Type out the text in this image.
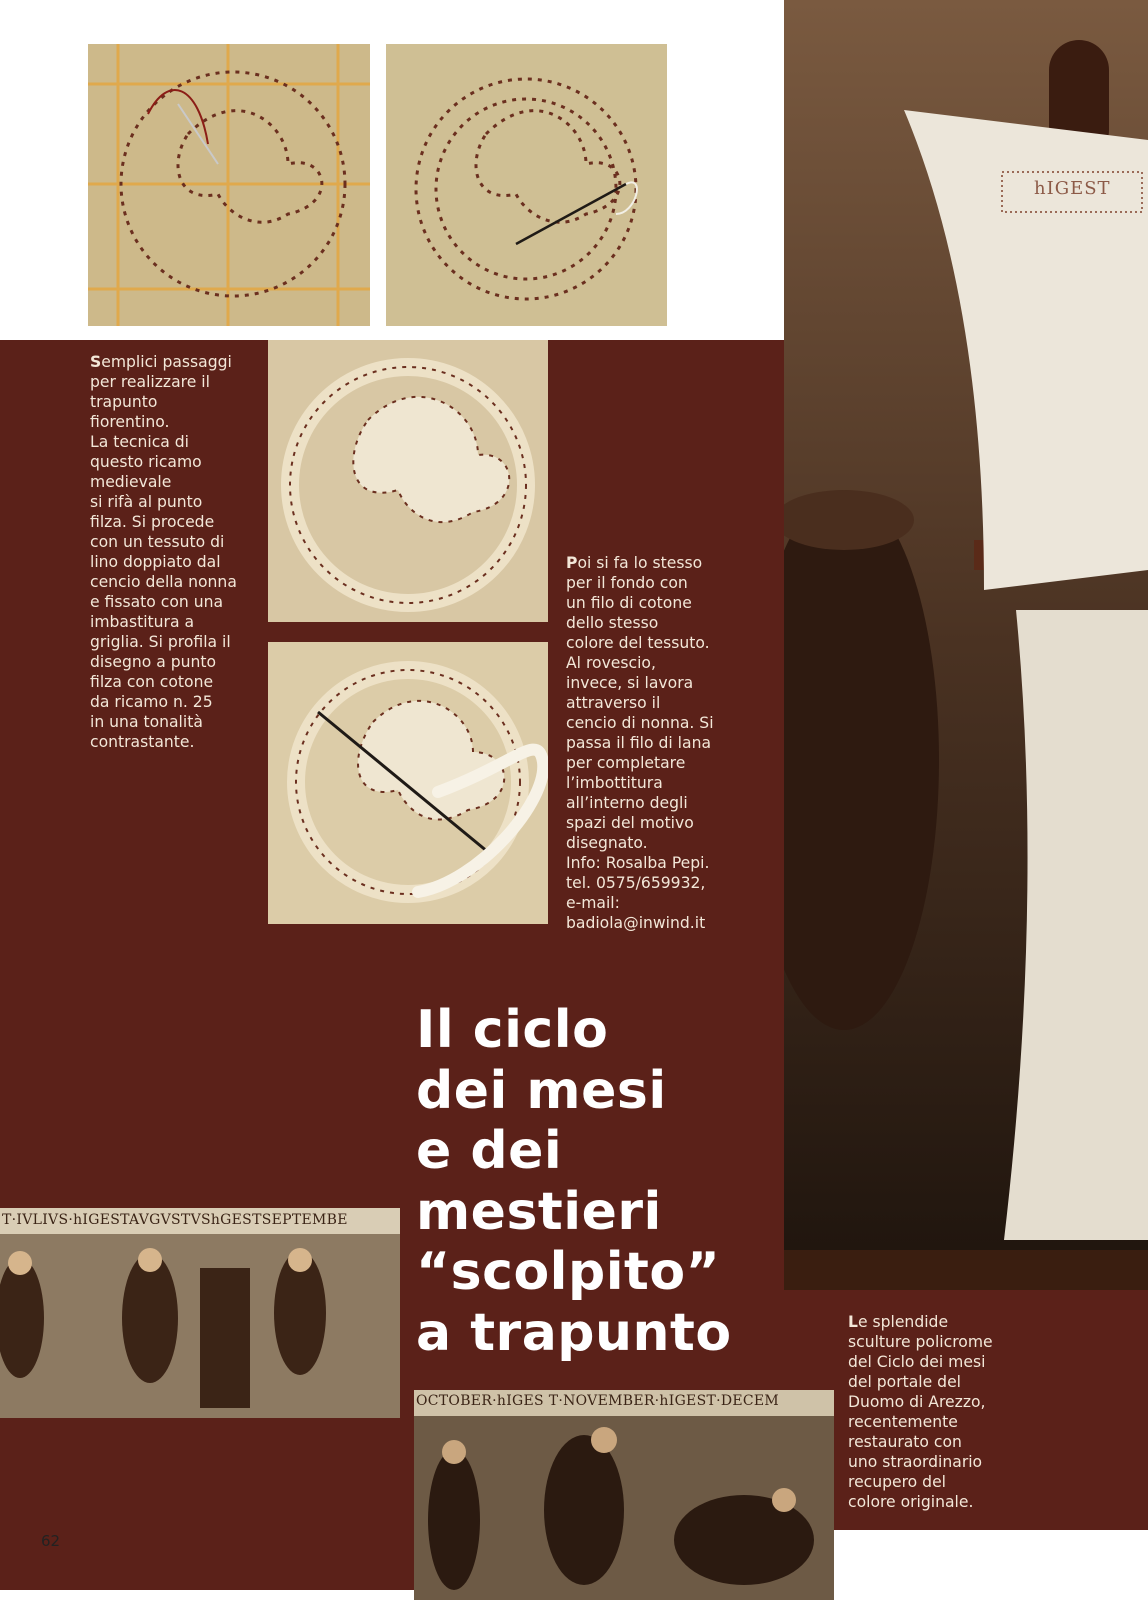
hIGEST

Semplici passaggi
per realizzare il
trapunto
fiorentino.
La tecnica di
questo ricamo
medievale
si rifà al punto
filza. Si procede
con un tessuto di
lino doppiato dal
cencio della nonna
e fissato con una
imbastitura a
griglia. Si profila il
disegno a punto
filza con cotone
da ricamo n. 25
in una tonalità
contrastante.

Poi si fa lo stesso
per il fondo con
un filo di cotone
dello stesso
colore del tessuto.
Al rovescio,
invece, si lavora
attraverso il
cencio di nonna. Si
passa il filo di lana
per completare
l’imbottitura
all’interno degli
spazi del motivo
disegnato.
Info: Rosalba Pepi.
tel. 0575/659932,
e-mail:
badiola@inwind.it

Il ciclo
dei mesi
e dei
mestieri
“scolpito”
a trapunto
T·IVLIVS·hIGESTAVGVSTVShGESTSEPTEMBE
OCTOBER·hIGES T·NOVEMBER·hIGEST·DECEM

Le splendide
sculture policrome
del Ciclo dei mesi
del portale del
Duomo di Arezzo,
recentemente
restaurato con
uno straordinario
recupero del
colore originale.

62
